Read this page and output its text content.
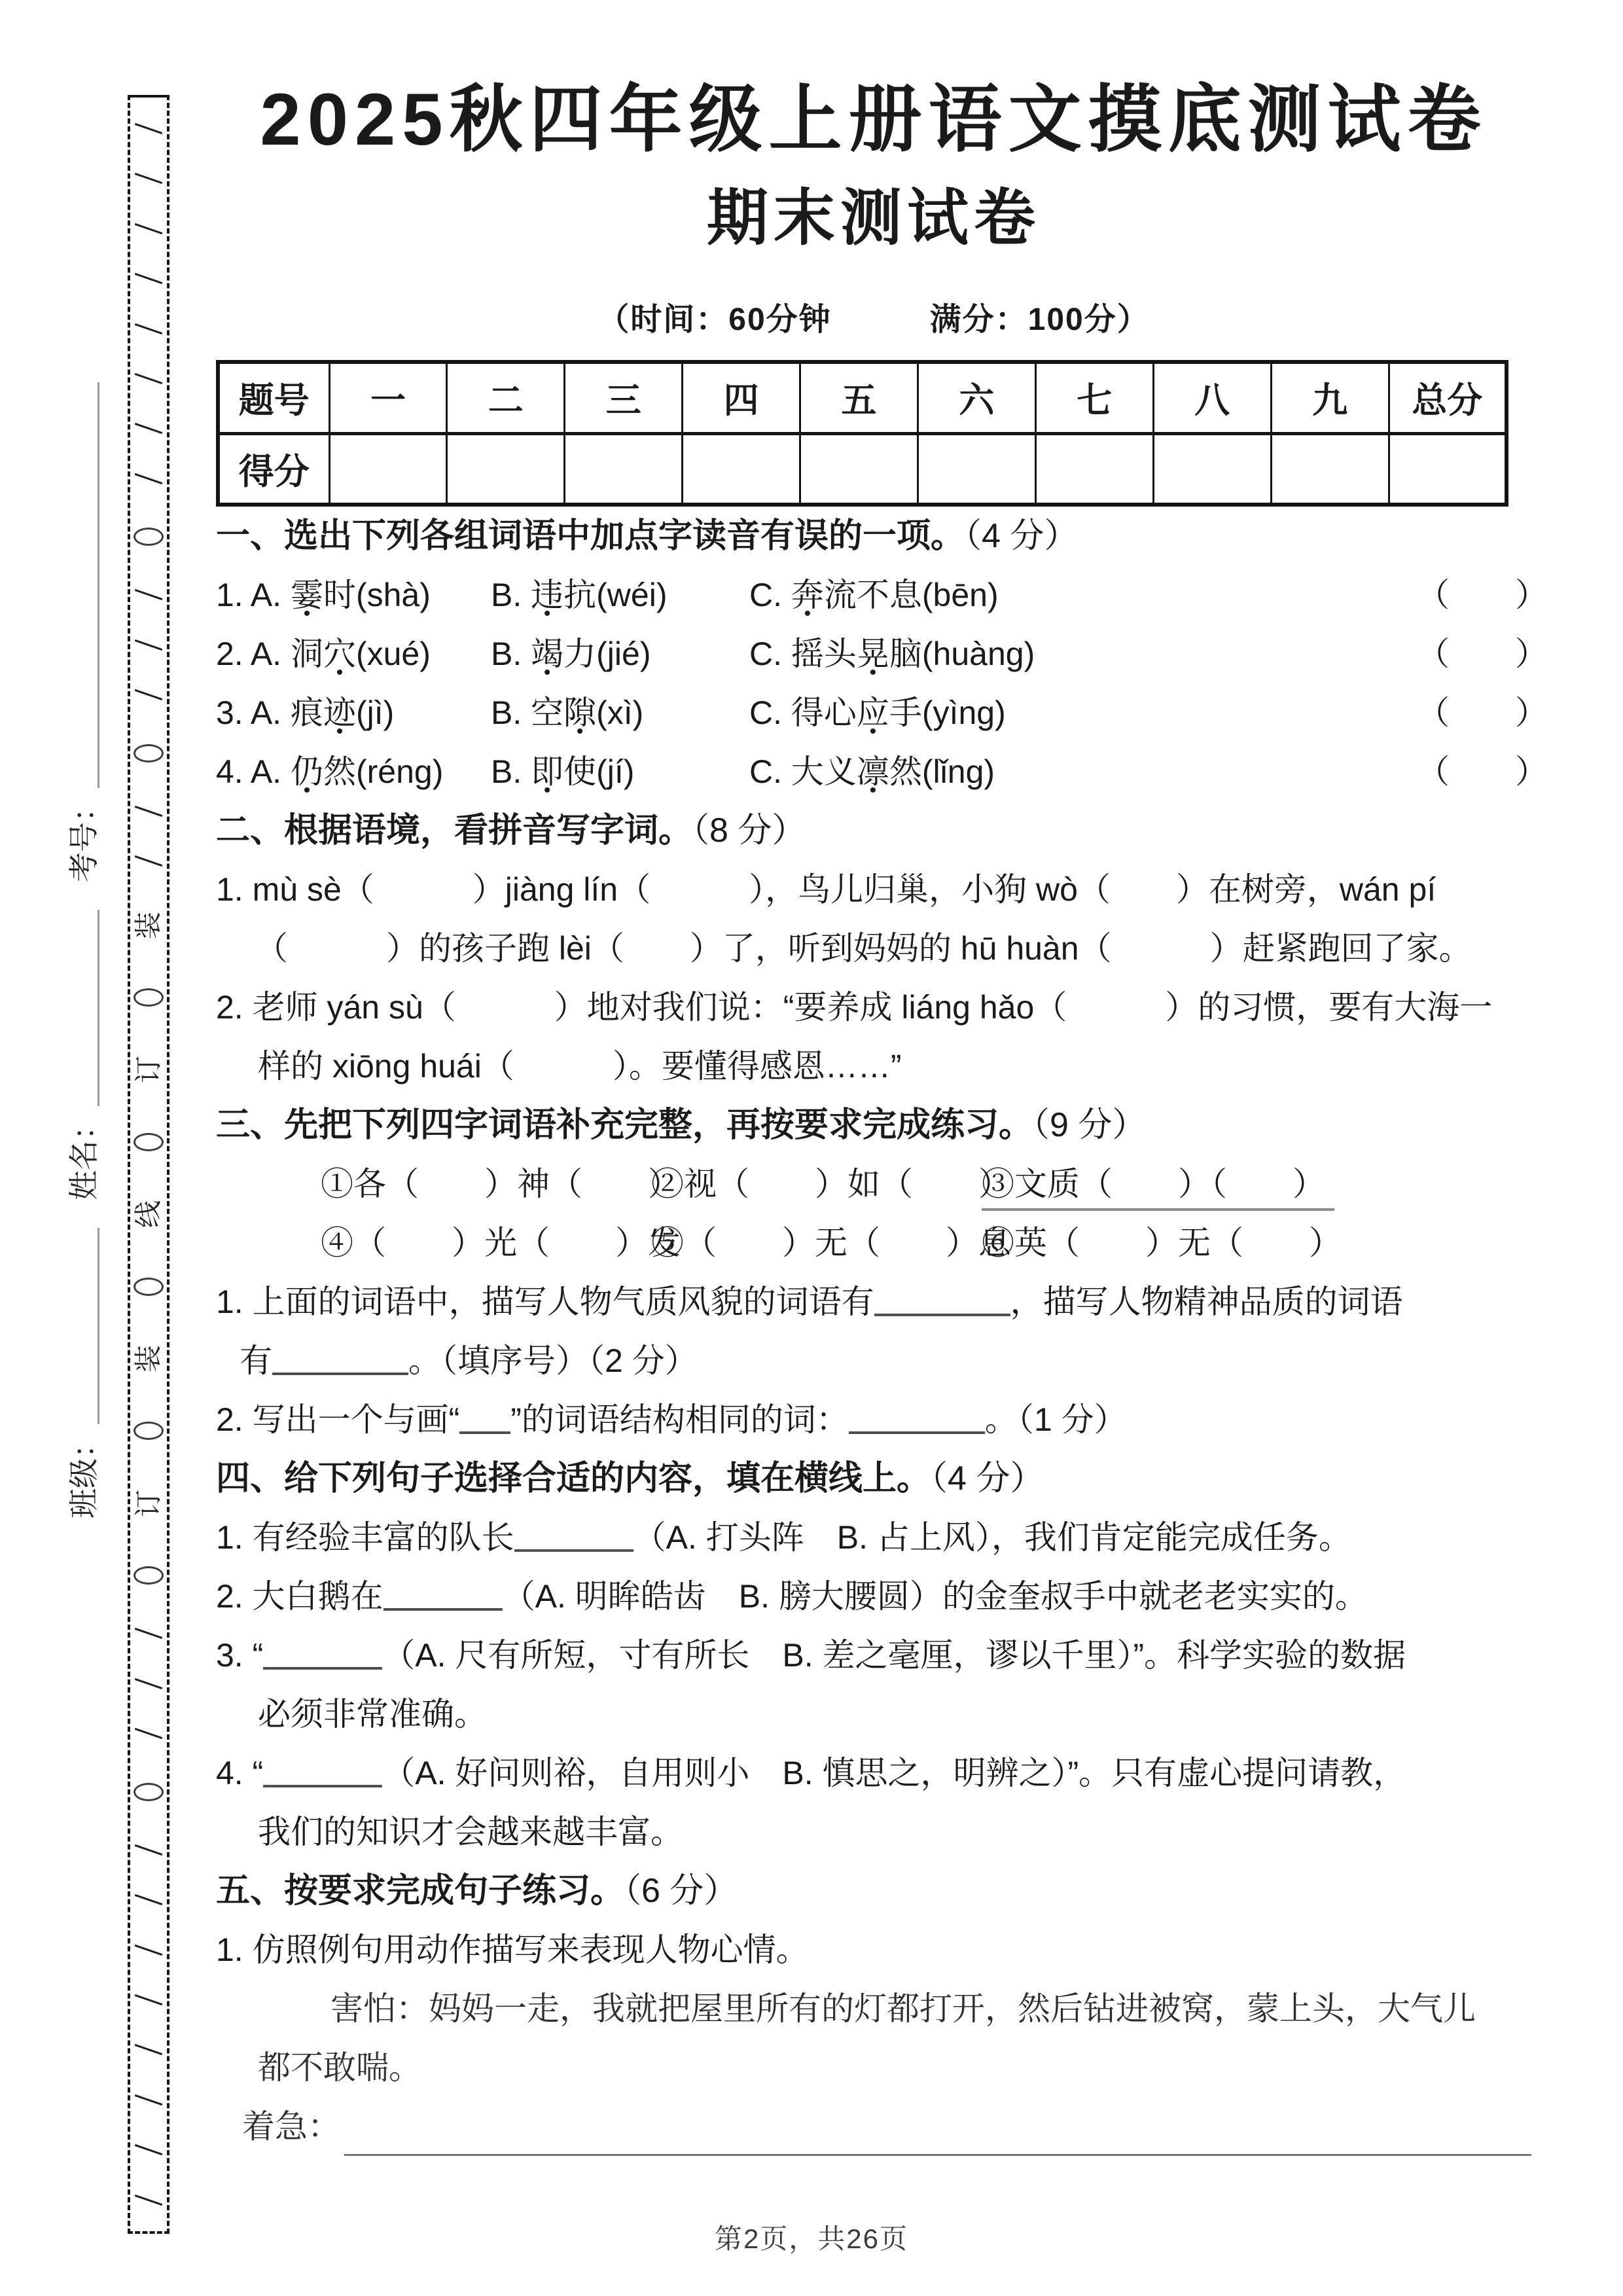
装
订
线
装
订
班级：
姓名：
考号：
2025秋四年级上册语文摸底测试卷
期末测试卷
（时间：60分钟　　　满分：100分）
题号	一	二	三	四	五	六	七	八	九	总分
得分										
一、选出下列各组词语中加点字读音有误的一项。（4 分）
1. A. 霎时(shà)	B. 违抗(wéi)	C. 奔流不息(bēn)	（　　）
2. A. 洞穴(xué)	B. 竭力(jié)	C. 摇头晃脑(huàng)	（　　）
3. A. 痕迹(jì)	B. 空隙(xì)	C. 得心应手(yìng)	（　　）
4. A. 仍然(réng)	B. 即使(jí)	C. 大义凛然(lǐng)	（　　）
二、根据语境，看拼音写字词。（8 分）
1. mù sè（　　　）jiàng lín（　　　），鸟儿归巢，小狗 wò（　　）在树旁，wán pí
（　　　）的孩子跑 lèi（　　）了，听到妈妈的 hū huàn（　　　）赶紧跑回了家。
2. 老师 yán sù（　　　）地对我们说：“要养成 liáng hǎo（　　　）的习惯，要有大海一
样的 xiōng huái（　　　）。要懂得感恩……”
三、先把下列四字词语补充完整，再按要求完成练习。（9 分）
①各（　　）神（　　）
②视（　　）如（　　）
③文质（　　）（　　）
④（　　）光（　　）发
⑤（　　）无（　　）息
⑥英（　　）无（　　）
1. 上面的词语中，描写人物气质风貌的词语有	，描写人物精神品质的词语
有	。（填序号）（2 分）
2. 写出一个与画“ ”的词语结构相同的词：	。（1 分）
四、给下列句子选择合适的内容，填在横线上。（4 分）
1. 有经验丰富的队长	（A. 打头阵　B. 占上风），我们肯定能完成任务。
2. 大白鹅在	（A. 明眸皓齿　B. 膀大腰圆）的金奎叔手中就老老实实的。
3. “	（A. 尺有所短，寸有所长　B. 差之毫厘，谬以千里）”。科学实验的数据
必须非常准确。
4. “	（A. 好问则裕，自用则小　B. 慎思之，明辨之）”。只有虚心提问请教，
我们的知识才会越来越丰富。
五、按要求完成句子练习。（6 分）
1. 仿照例句用动作描写来表现人物心情。
害怕：妈妈一走，我就把屋里所有的灯都打开，然后钻进被窝，蒙上头，大气儿
都不敢喘。
着急：
第2页，共26页
